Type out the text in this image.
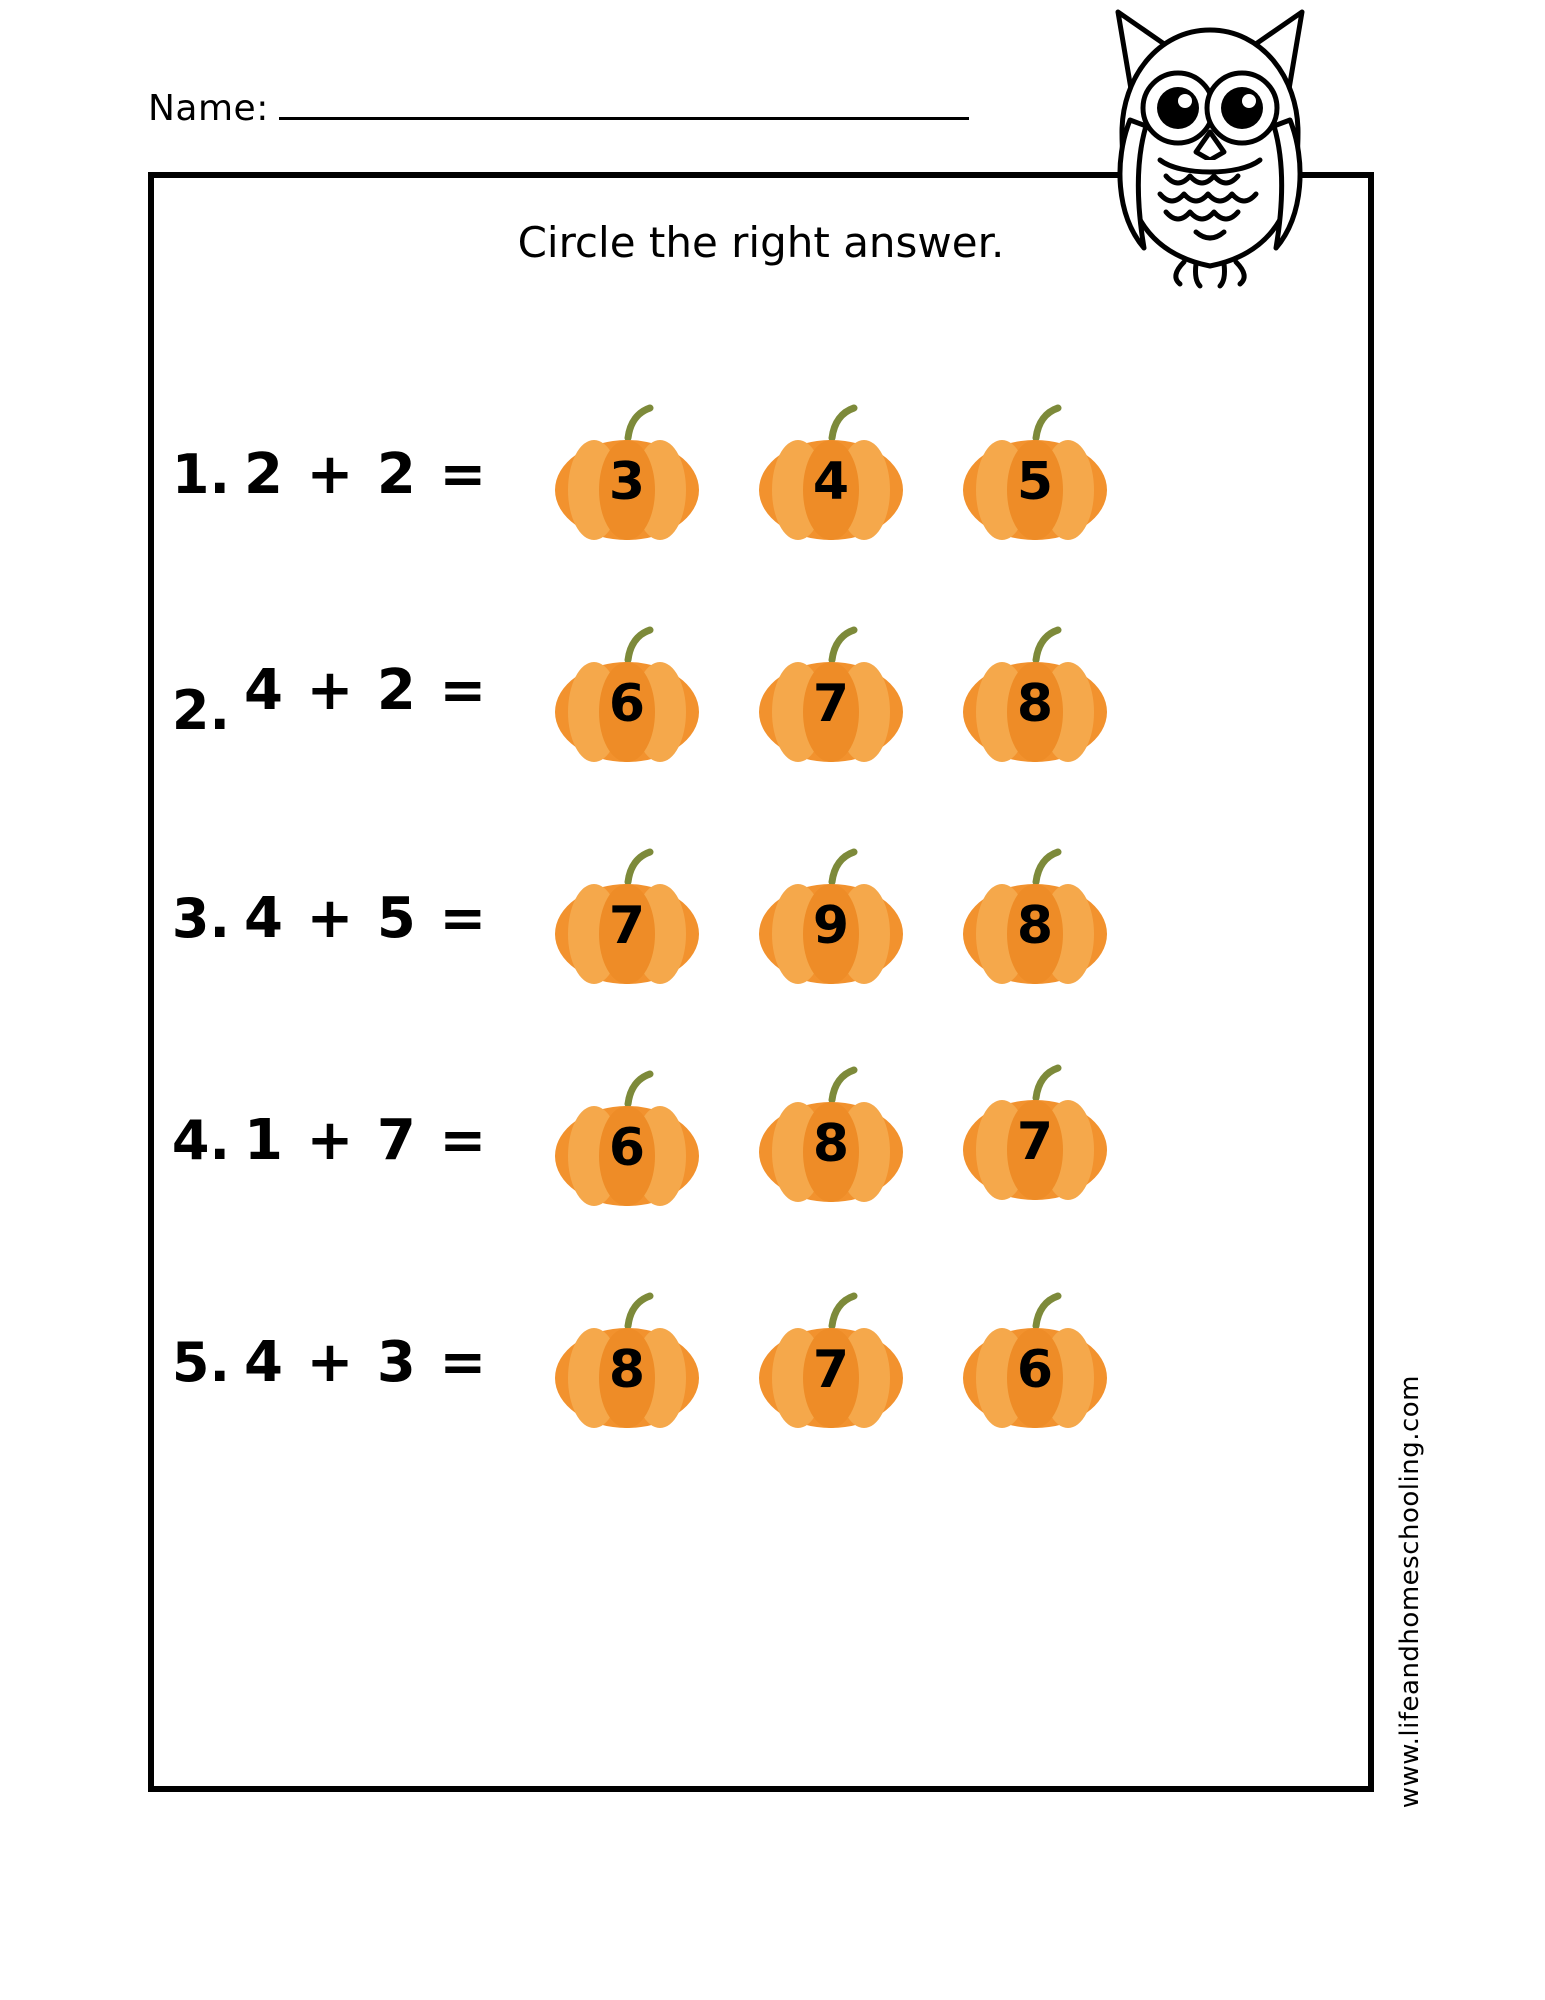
Name:
Circle the right answer.
1. 2 + 2 =	3	4	5
2. 4 + 2 =	6	7	8
3. 4 + 5 =	7	9	8
4. 1 + 7 =	6	8	7
5. 4 + 3 =	8	7	6
www.lifeandhomeschooling.com
